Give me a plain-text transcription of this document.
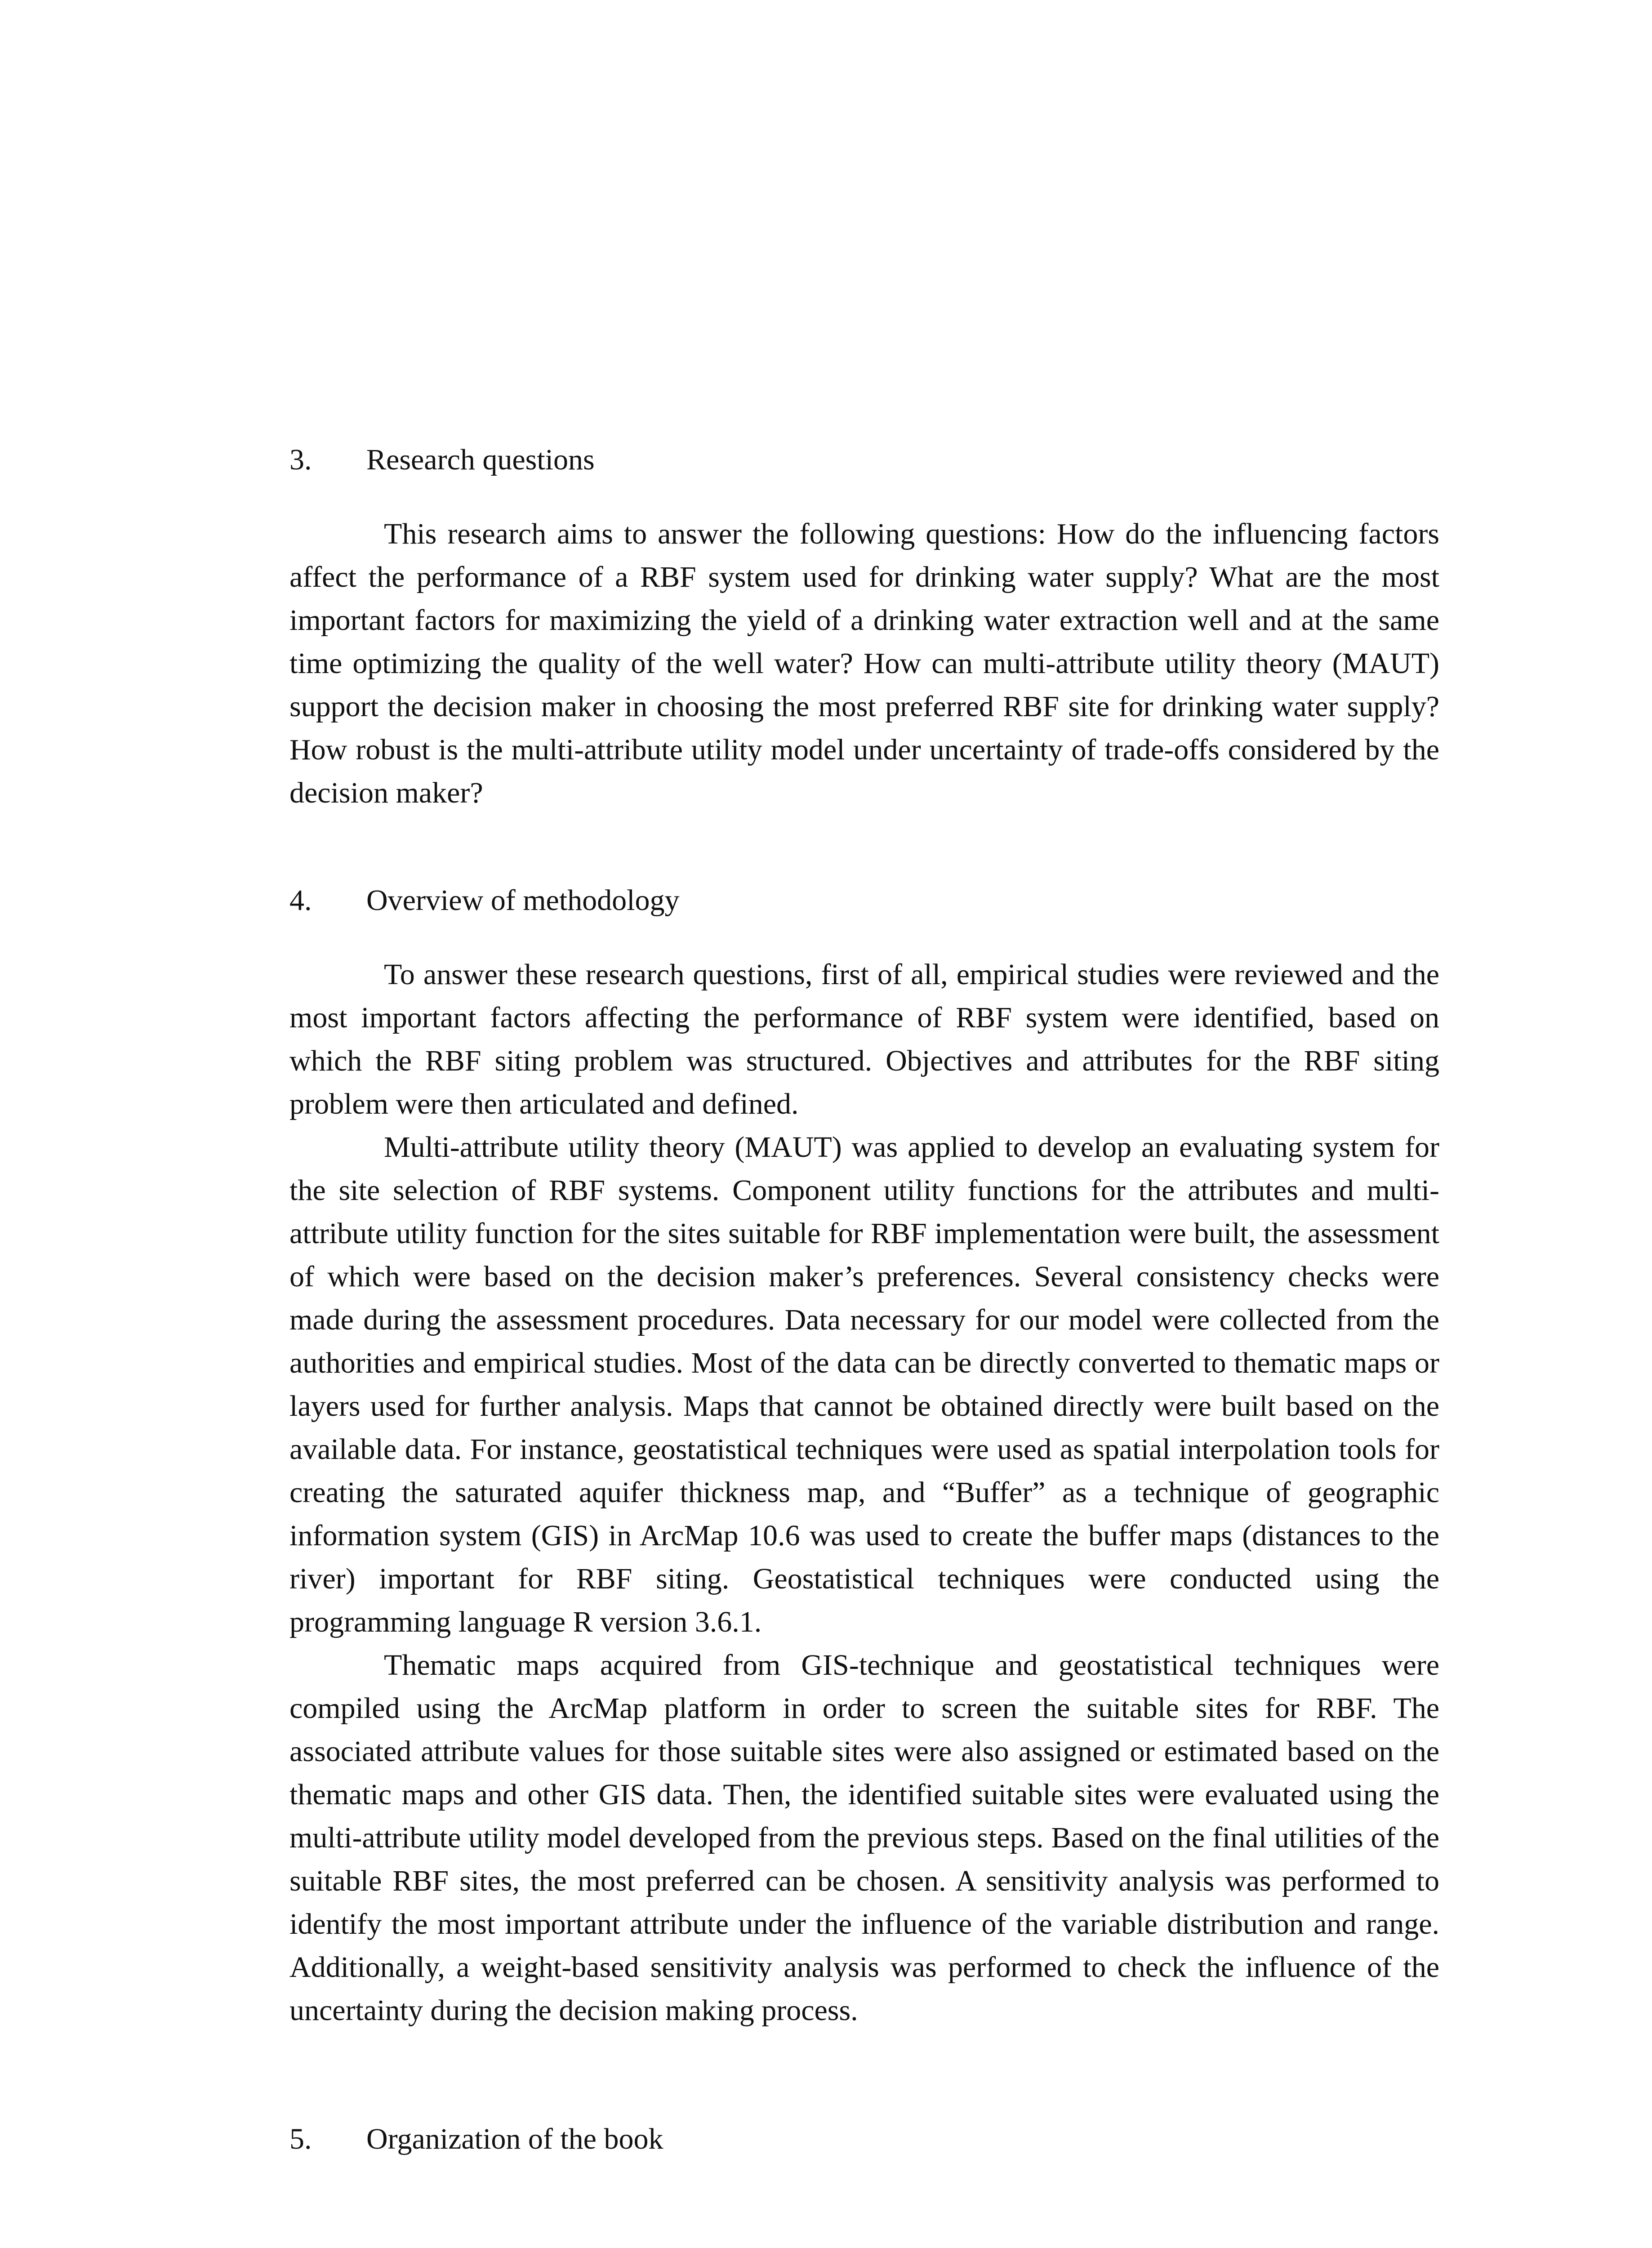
3. Research questions

This research aims to answer the following questions: How do the influencing factors affect the performance of a RBF system used for drinking water supply? What are the most important factors for maximizing the yield of a drinking water extraction well and at the same time optimizing the quality of the well water? How can multi-attribute utility theory (MAUT) support the decision maker in choosing the most preferred RBF site for drinking water supply? How robust is the multi-attribute utility model under uncertainty of trade-offs considered by the decision maker?

4. Overview of methodology

To answer these research questions, first of all, empirical studies were reviewed and the most important factors affecting the performance of RBF system were identified, based on which the RBF siting problem was structured. Objectives and attributes for the RBF siting problem were then articulated and defined.

Multi-attribute utility theory (MAUT) was applied to develop an evaluating system for the site selection of RBF systems. Component utility functions for the attributes and multi-attribute utility function for the sites suitable for RBF implementation were built, the assessment of which were based on the decision maker’s preferences. Several consistency checks were made during the assessment procedures. Data necessary for our model were collected from the authorities and empirical studies. Most of the data can be directly converted to thematic maps or layers used for further analysis. Maps that cannot be obtained directly were built based on the available data. For instance, geostatistical techniques were used as spatial interpolation tools for creating the saturated aquifer thickness map, and “Buffer” as a technique of geographic information system (GIS) in ArcMap 10.6 was used to create the buffer maps (distances to the river) important for RBF siting. Geostatistical techniques were conducted using the programming language R version 3.6.1.

Thematic maps acquired from GIS-technique and geostatistical techniques were compiled using the ArcMap platform in order to screen the suitable sites for RBF. The associated attribute values for those suitable sites were also assigned or estimated based on the thematic maps and other GIS data. Then, the identified suitable sites were evaluated using the multi-attribute utility model developed from the previous steps. Based on the final utilities of the suitable RBF sites, the most preferred can be chosen. A sensitivity analysis was performed to identify the most important attribute under the influence of the variable distribution and range. Additionally, a weight-based sensitivity analysis was performed to check the influence of the uncertainty during the decision making process.

5. Organization of the book
